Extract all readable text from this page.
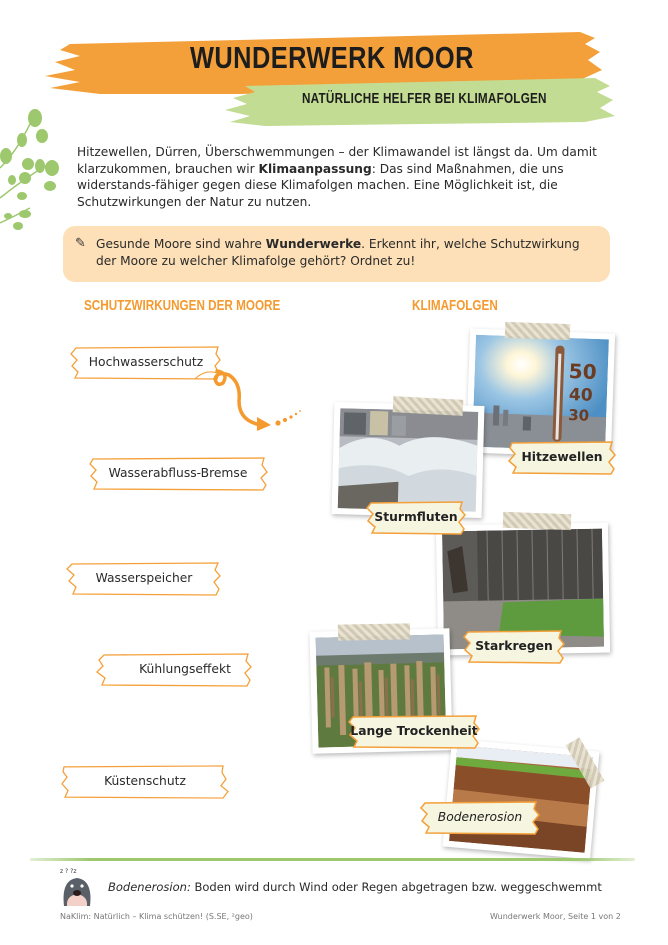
WUNDERWERK MOOR
NATÜRLICHE HELFER BEI KLIMAFOLGEN
Hitzewellen, Dürren, Überschwemmungen – der Klimawandel ist längst da. Um damit klarzukommen, brauchen wir Klimaanpassung: Das sind Maßnahmen, die uns widerstands-fähiger gegen diese Klimafolgen machen. Eine Möglichkeit ist, die Schutzwirkungen der Natur zu nutzen.
✎ Gesunde Moore sind wahre Wunderwerke. Erkennt ihr, welche Schutzwirkung der Moore zu welcher Klimafolge gehört? Ordnet zu!
SCHUTZWIRKUNGEN DER MOORE	KLIMAFOLGEN
Hochwasserschutz
Wasserabfluss-Bremse
Wasserspeicher
Kühlungseffekt
Küstenschutz
50
40
30
Hitzewellen
Sturmfluten
Starkregen
Lange Trockenheit
Bodenerosion
z ? ?z
Bodenerosion: Boden wird durch Wind oder Regen abgetragen bzw. weggeschwemmt
NaKlim: Natürlich – Klima schützen! (S.SE, ²geo)	Wunderwerk Moor, Seite 1 von 2
